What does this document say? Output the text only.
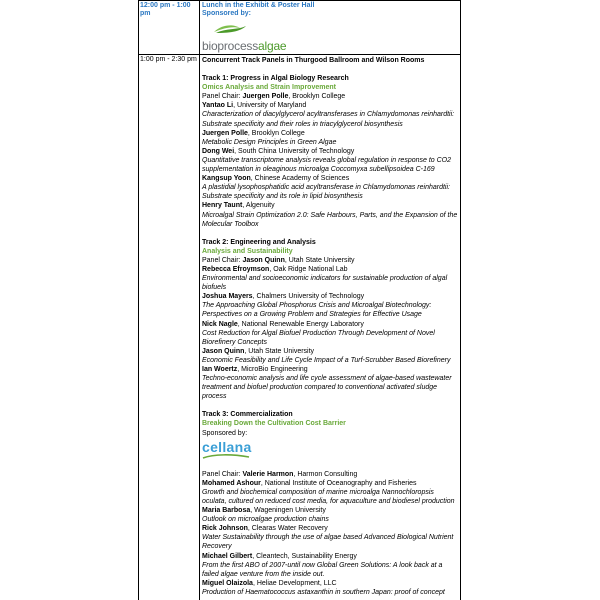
12:00 pm - 1:00 pm
Lunch in the Exhibit & Poster Hall
Sponsored by:
bioprocessalgae
1:00 pm - 2:30 pm Concurrent Track Panels in Thurgood Ballroom and Wilson Rooms
Track 1: Progress in Algal Biology Research
Omics Analysis and Strain Improvement
Panel Chair: Juergen Polle, Brooklyn College
Yantao Li, University of Maryland
Characterization of diacylglycerol acyltransferases in Chlamydomonas reinhardtii: Substrate specificity and their roles in triacylglycerol biosynthesis
Juergen Polle, Brooklyn College
Metabolic Design Principles in Green Algae
Dong Wei, South China University of Technology
Quantitative transcriptome analysis reveals global regulation in response to CO2 supplementation in oleaginous microalga Coccomyxa subellipsoidea C-169
Kangsup Yoon, Chinese Academy of Sciences
A plastidial lysophosphatidic acid acyltransferase in Chlamydomonas reinhardtii: Substrate specificity and its role in lipid biosynthesis
Henry Taunt, Algenuity
Microalgal Strain Optimization 2.0: Safe Harbours, Parts, and the Expansion of the Molecular Toolbox
Track 2: Engineering and Analysis
Analysis and Sustainability
Panel Chair: Jason Quinn, Utah State University
Rebecca Efroymson, Oak Ridge National Lab
Environmental and socioeconomic indicators for sustainable production of algal biofuels
Joshua Mayers, Chalmers University of Technology
The Approaching Global Phosphorus Crisis and Microalgal Biotechnology: Perspectives on a Growing Problem and Strategies for Effective Usage
Nick Nagle, National Renewable Energy Laboratory
Cost Reduction for Algal Biofuel Production Through Development of Novel Biorefinery Concepts
Jason Quinn, Utah State University
Economic Feasibility and Life Cycle Impact of a Turf-Scrubber Based Biorefinery
Ian Woertz, MicroBio Engineering
Techno-economic analysis and life cycle assessment of algae-based wastewater treatment and biofuel production compared to conventional activated sludge process
Track 3: Commercialization
Breaking Down the Cultivation Cost Barrier
Sponsored by:
cellana
Panel Chair: Valerie Harmon, Harmon Consulting
Mohamed Ashour, National Institute of Oceanography and Fisheries
Growth and biochemical composition of marine microalga Nannochloropsis oculata, cultured on reduced cost media, for aquaculture and biodiesel production
Maria Barbosa, Wageningen University
Outlook on microalgae production chains
Rick Johnson, Clearas Water Recovery
Water Sustainability through the use of algae based Advanced Biological Nutrient Recovery
Michael Gilbert, Cleantech, Sustainability Energy
From the first ABO of 2007-until now Global Green Solutions: A look back at a failed algae venture from the inside out.
Miguel Olaizola, Heliae Development, LLC
Production of Haematococcus astaxanthin in southern Japan: proof of concept
